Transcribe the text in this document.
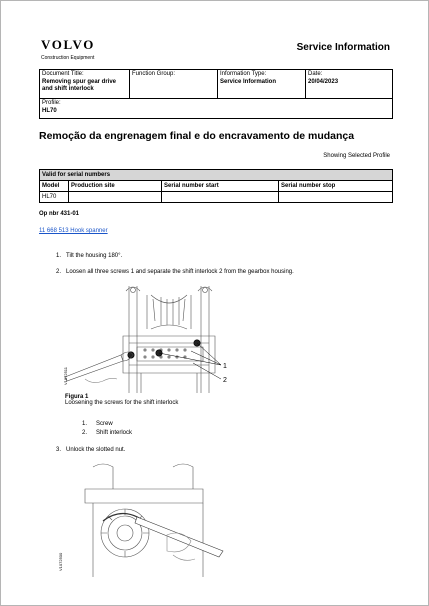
VOLVO
Construction Equipment
Service Information
Document Title:
Removing spur gear drive and shift interlock

Function Group:	Information Type:
Service Information

Date:
20/04/2023

Profile:
HL70
Remoção da engrenagem final e do encravamento de mudança
Showing Selected Profile
Valid for serial numbers			
Model	Production site	Serial number start	Serial number stop
HL70			
Op nbr 431-01
11 668 513 Hook spanner
1. Tilt the housing 180°.
2. Loosen all three screws 1 and separate the shift interlock 2 from the gearbox housing.
1
2
V1072511
Figura 1
Loosening the screws for the shift interlock
1. Screw
2. Shift interlock
3. Unlock the slotted nut.
V1072500
